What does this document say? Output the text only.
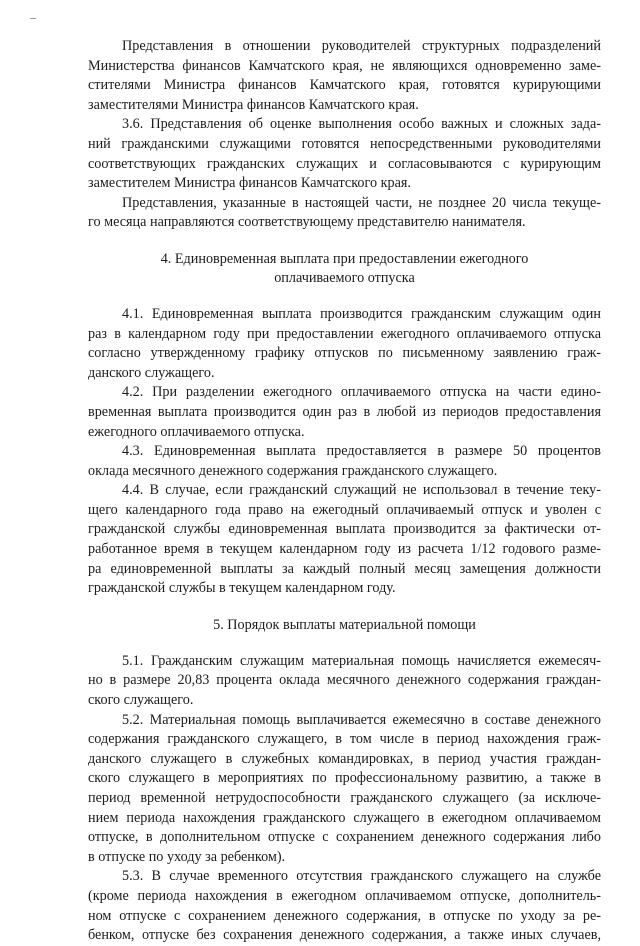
Представления в отношении руководителей структурных подразделений
Министерства финансов Камчатского края, не являющихся одновременно заме-
стителями Министра финансов Камчатского края, готовятся курирующими
заместителями Министра финансов Камчатского края.
3.6. Представления об оценке выполнения особо важных и сложных зада-
ний гражданскими служащими готовятся непосредственными руководителями
соответствующих гражданских служащих и согласовываются с курирующим
заместителем Министра финансов Камчатского края.
Представления, указанные в настоящей части, не позднее 20 числа текуще-
го месяца направляются соответствующему представителю нанимателя.
4. Единовременная выплата при предоставлении ежегодного
оплачиваемого отпуска
4.1. Единовременная выплата производится гражданским служащим один
раз в календарном году при предоставлении ежегодного оплачиваемого отпуска
согласно утвержденному графику отпусков по письменному заявлению граж-
данского служащего.
4.2. При разделении ежегодного оплачиваемого отпуска на части едино-
временная выплата производится один раз в любой из периодов предоставления
ежегодного оплачиваемого отпуска.
4.3. Единовременная выплата предоставляется в размере 50 процентов
оклада месячного денежного содержания гражданского служащего.
4.4. В случае, если гражданский служащий не использовал в течение теку-
щего календарного года право на ежегодный оплачиваемый отпуск и уволен с
гражданской службы единовременная выплата производится за фактически от-
работанное время в текущем календарном году из расчета 1/12 годового разме-
ра единовременной выплаты за каждый полный месяц замещения должности
гражданской службы в текущем календарном году.
5. Порядок выплаты материальной помощи
5.1. Гражданским служащим материальная помощь начисляется ежемесяч-
но в размере 20,83 процента оклада месячного денежного содержания граждан-
ского служащего.
5.2. Материальная помощь выплачивается ежемесячно в составе денежного
содержания гражданского служащего, в том числе в период нахождения граж-
данского служащего в служебных командировках, в период участия граждан-
ского служащего в мероприятиях по профессиональному развитию, а также в
период временной нетрудоспособности гражданского служащего (за исключе-
нием периода нахождения гражданского служащего в ежегодном оплачиваемом
отпуске, в дополнительном отпуске с сохранением денежного содержания либо
в отпуске по уходу за ребенком).
5.3. В случае временного отсутствия гражданского служащего на службе
(кроме периода нахождения в ежегодном оплачиваемом отпуске, дополнитель-
ном отпуске с сохранением денежного содержания, в отпуске по уходу за ре-
бенком, отпуске без сохранения денежного содержания, а также иных случаев,
